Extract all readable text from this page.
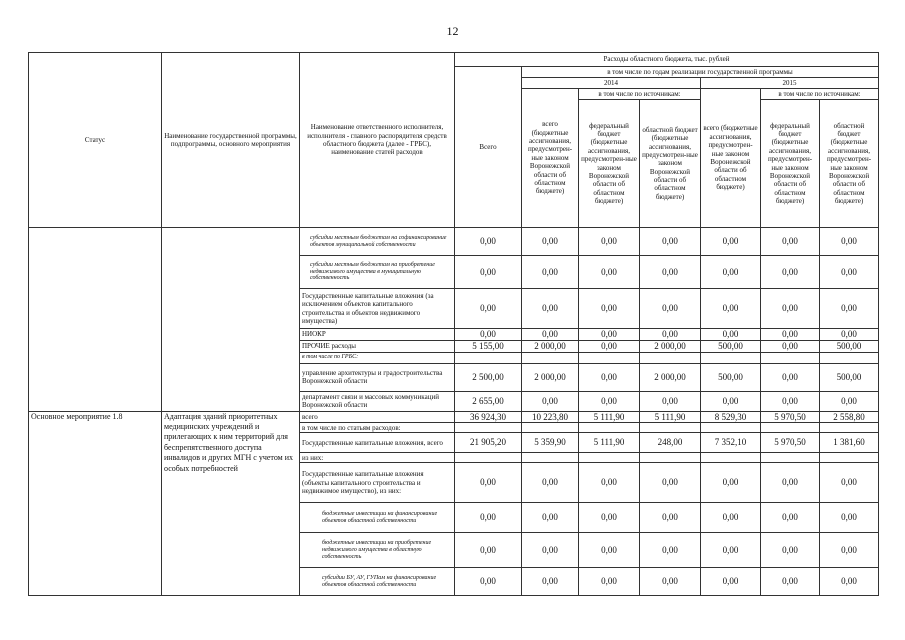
12
Статус	Наименование государственной программы, подпрограммы, основного мероприятия	Наименование ответственного исполнителя, исполнителя - главного распорядителя средств областного бюджета (далее - ГРБС), наименование статей расходов	Расходы областного бюджета, тыс. рублей						
			Всего	в том числе по годам реализации государственной программы					
				2014			2015		
				всего (бюджетные ассигнования, предусмотрен-ные законом Воронежской области об областном бюджете)	в том числе по источникам:		всего (бюджетные ассигнования, предусмотрен-ные законом Воронежской области об областном бюджете)	в том числе по источникам:	
					федеральный бюджет (бюджетные ассигнования, предусмотрен-ные законом Воронежской области об областном бюджете)	областной бюджет (бюджетные ассигнования, предусмотрен-ные законом Воронежской области об областном бюджете)		федеральный бюджет (бюджетные ассигнования, предусмотрен-ные законом Воронежской области об областном бюджете)	областной бюджет (бюджетные ассигнования, предусмотрен-ные законом Воронежской области об областном бюджете)
		субсидии местным бюджетам на софинансирование объектов муниципальной собственности	0,00	0,00	0,00	0,00	0,00	0,00	0,00
		субсидии местным бюджетам на приобретение недвижимого имущества в муниципальную собственность	0,00	0,00	0,00	0,00	0,00	0,00	0,00
		Государственные капитальные вложения (за исключением объектов капитального строительства и объектов недвижимого имущества)	0,00	0,00	0,00	0,00	0,00	0,00	0,00
		НИОКР	0,00	0,00	0,00	0,00	0,00	0,00	0,00
		ПРОЧИЕ расходы	5 155,00	2 000,00	0,00	2 000,00	500,00	0,00	500,00
		в том числе по ГРБС:							
		управление архитектуры и градостроительства Воронежской области	2 500,00	2 000,00	0,00	2 000,00	500,00	0,00	500,00
		департамент связи и массовых коммуникаций Воронежской области	2 655,00	0,00	0,00	0,00	0,00	0,00	0,00
Основное мероприятие 1.8	Адаптация зданий приоритетных медицинских учреждений и прилегающих к ним территорий для беспрепятственного доступа инвалидов и других МГН с учетом их особых потребностей	всего	36 924,30	10 223,80	5 111,90	5 111,90	8 529,30	5 970,50	2 558,80
		в том числе по статьям расходов:							
		Государственные капитальные вложения, всего	21 905,20	5 359,90	5 111,90	248,00	7 352,10	5 970,50	1 381,60
		из них:							
		Государственные капитальные вложения (объекты капитального строительства и недвижимое имущество), из них:	0,00	0,00	0,00	0,00	0,00	0,00	0,00
		бюджетные инвестиции на финансирование объектов областной собственности	0,00	0,00	0,00	0,00	0,00	0,00	0,00
		бюджетные инвестиции на приобретение недвижимого имущества в областную собственность	0,00	0,00	0,00	0,00	0,00	0,00	0,00
		субсидии БУ, АУ, ГУПам на финансирование объектов областной собственности	0,00	0,00	0,00	0,00	0,00	0,00	0,00
